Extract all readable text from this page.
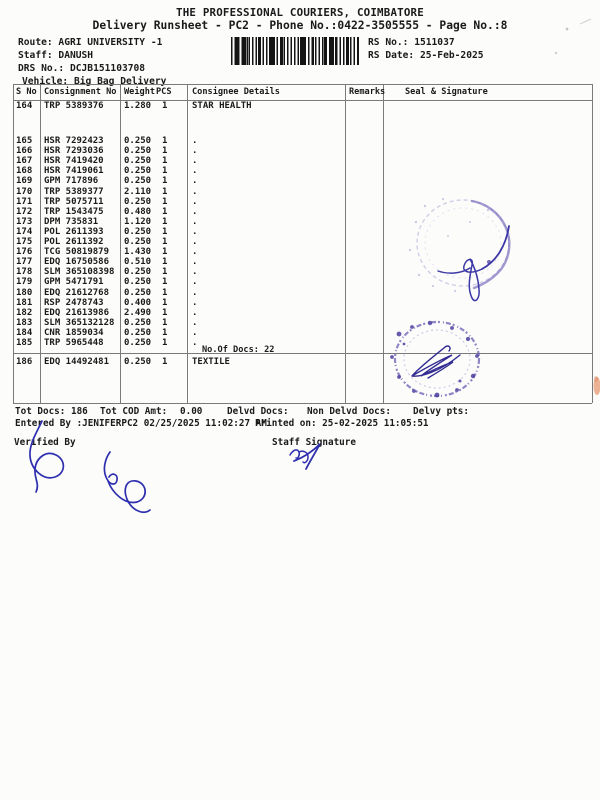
THE PROFESSIONAL COURIERS, COIMBATORE
Delivery Runsheet - PC2 - Phone No.:0422-3505555 - Page No.:8
Route: AGRI UNIVERSITY -1
Staff: DANUSH
DRS No.: DCJB151103708
Vehicle: Big Bag Delivery
RS No.: 1511037
RS Date: 25-Feb-2025
S No Consignment No Weight PCS Consignee Details	Remarks Seal & Signature
164 TRP 5389376 1.280 1	STAR HEALTH
165 HSR 7292423 0.250 1	.
166 HSR 7293036 0.250 1	.
167 HSR 7419420 0.250 1	.
168 HSR 7419061 0.250 1	.
169 GPM 717896	0.250 1	.
170 TRP 5389377 2.110 1	.
171 TRP 5075711 0.250 1	.
172 TRP 1543475 0.480 1	.
173 DPM 735831	1.120 1	.
174 POL 2611393 0.250 1	.
175 POL 2611392 0.250 1	.
176 TCG 50819879 1.430 1	.
177 EDQ 16750586 0.510 1	.
178 SLM 365108398 0.250 1	.
179 GPM 5471791 0.250 1	.
180 EDQ 21612768 0.250 1	.
181 RSP 2478743 0.400 1	.
182 EDQ 21613986 2.490 1	.
183 SLM 365132128 0.250 1	.
184 CNR 1859034 0.250 1	.
185 TRP 5965448 0.250 1	.
186 EDQ 14492481 0.250 1	TEXTILE
No.Of Docs: 22
Tot Docs: 186 Tot COD Amt: 0.00	Delvd Docs: Non Delvd Docs: Delvy pts:
Entered By :JENIFERPC2 02/25/2025 11:02:27 AM
Printed on: 25-02-2025 11:05:51
Verified By	Staff Signature
